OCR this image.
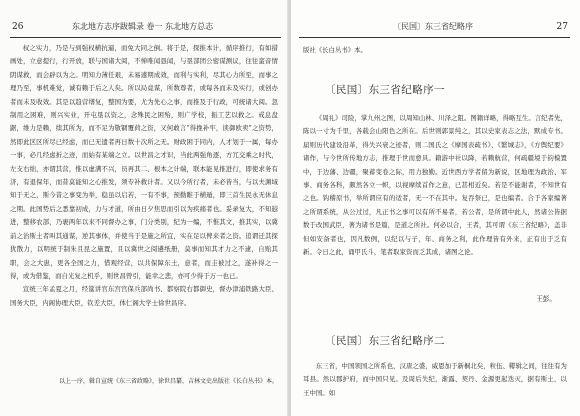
26	东北地方志序跋辑录 卷一 东北地方总志

权之实力，乃是与到强权横抗逼，而免大同之倒。将于是，探推本计，循序推行，有如措画处，立意提行，行开放，联与国诸大阅，不惮唯闻恳闻，与垦部团公密谋测议，往往蛮音情阴谋救，而会辟以为之。明知力薄任艰，未易遽期成效，而利与实利，尽其心力所至，而事之理乃至，事机难觉，诚有赖于后之人矣。所以局竟谋，所数尊者，或每各而未及实行，或创办者而未及收效。其是以趋营缮复，整国为要，尤为先心之事，而推及于行政，可统诸大阅。忽制用之困难，则兴实业，开屯垦以资之，念殊民之困殆，则广学校，振工艺以救之。戒息盘踞，维力是赖，续其所为，而不足为敬锢覆荷之资，又何敢言“得挽补牢，读御欧卖”之资势，然即此区区所尽已经虑，而已无遗者再日数十次所之无。财政困于同内，人才划于一属，每办一事，必几经虑折之迹，而始有某端之立。以世昌之才识，当此两强角逐，方冗交乘之时代，左支右绌，亦谓其营，惟以虚满不兴，员再其二、根本之计端，联本能见推进行，即使求务有济，有退保年，而昔莫能知之心推发，须专补救计者。又以今所行者，未必皆当，与以夫渊域知于无之，斯今昔之事变为举，稳虽以启若，一有不事，预勤睢于横遁，即三首生民永无休息之期。此国势后之悉靠初成，力与才道，所由日夕焦思而引以为疾痛者也。妥录复大，不知遐进，整移农部，乃裹两年以来不同督办之事，门分类别，纪为一编，不惟其文，推其实，以冀前之治斯土者叫其通谋，逆其事体，并使当于是施之所宜，实在足以俾来者之资。追谓迁其探犹散力，以明统于制朱且昆之施置，且以冀世之阅遴纸册，莫事而知其才力之不逮，自贻其职，会之大患，更各全国之力，惜观经营，以共保障东土，意者，而圭被过之，遂补得之一得，或为借鉴，而自光复之机乎，则世昌曾引，能幸之悲，亦可少得于万一也已。

宣统三年孟夏之月，经筵讲官东宫宫保兵部尚书、都察院右都御史，督办津浦铁路大臣、国务大臣，内阁协理大臣，钦差大臣，体仁阁大学士徐世昌序。

以上一序，辑自宣统《东三省政略》，徐世昌纂，吉林文史出版社《长白丛书》本。
〔民国〕东三省纪略序	27
版社《长白丛书》本。
〔民国〕东三省纪略序一

《周礼》司险，掌九州之图，以周知山林、川泽之阻。图籍详略，得略互生。言纪者先，陈以一寸为千里，各载会山阳色之所在。后世则郭景纯之，其以史家表志之法，默成专书。届则历代建设沿革，得失兴衰之迹者，则二国氏之《摩国表疏书》、《繁城志》，《方舆纪要》诸作，与今世所传地方志，推理于世而愈具。籍游中社以降，若赖航营，何疏疆境于钧模置中，于边藩、边疆，聚蓄变卷之际，用力独勤。近世西方学者留为新说，区地理为政治、军事、商务各科，颇然各立一帜，以视摩续首作之意，已甚相近矣。若是不能谢者，不知世有之也。钩稽原书，举所谓应有的适者，无一不在其中。复吞祭已，是也编者。合于各家编著之所谓系统，从公过过，凡正书之事可以有所不易者，若公者，是所谓中此人，然诸公皆据数于改国武臣，著为诸书是篇，是道之所社。何必以合，王者，其可谓《东三省纪略》，盖非但如安备者也，因凡数例，以纪以与子，年、商务之利，此作理皆有外来，正有出于乏有新。令日之此，诵甲氏斗，笔者取家资而乏其成，诸图之论。

王彭。
〔民国〕东三省纪略序二

东三省，中国领国之所系也，汉唐之盛，威恩加于新桐北矣，粒伍、鞯辑之间，往往有为耳县。然以郡护府，而中国只见。及周后失纪，渐露、契丹、金源更起迭灭，据有斯土，以王中国。如
